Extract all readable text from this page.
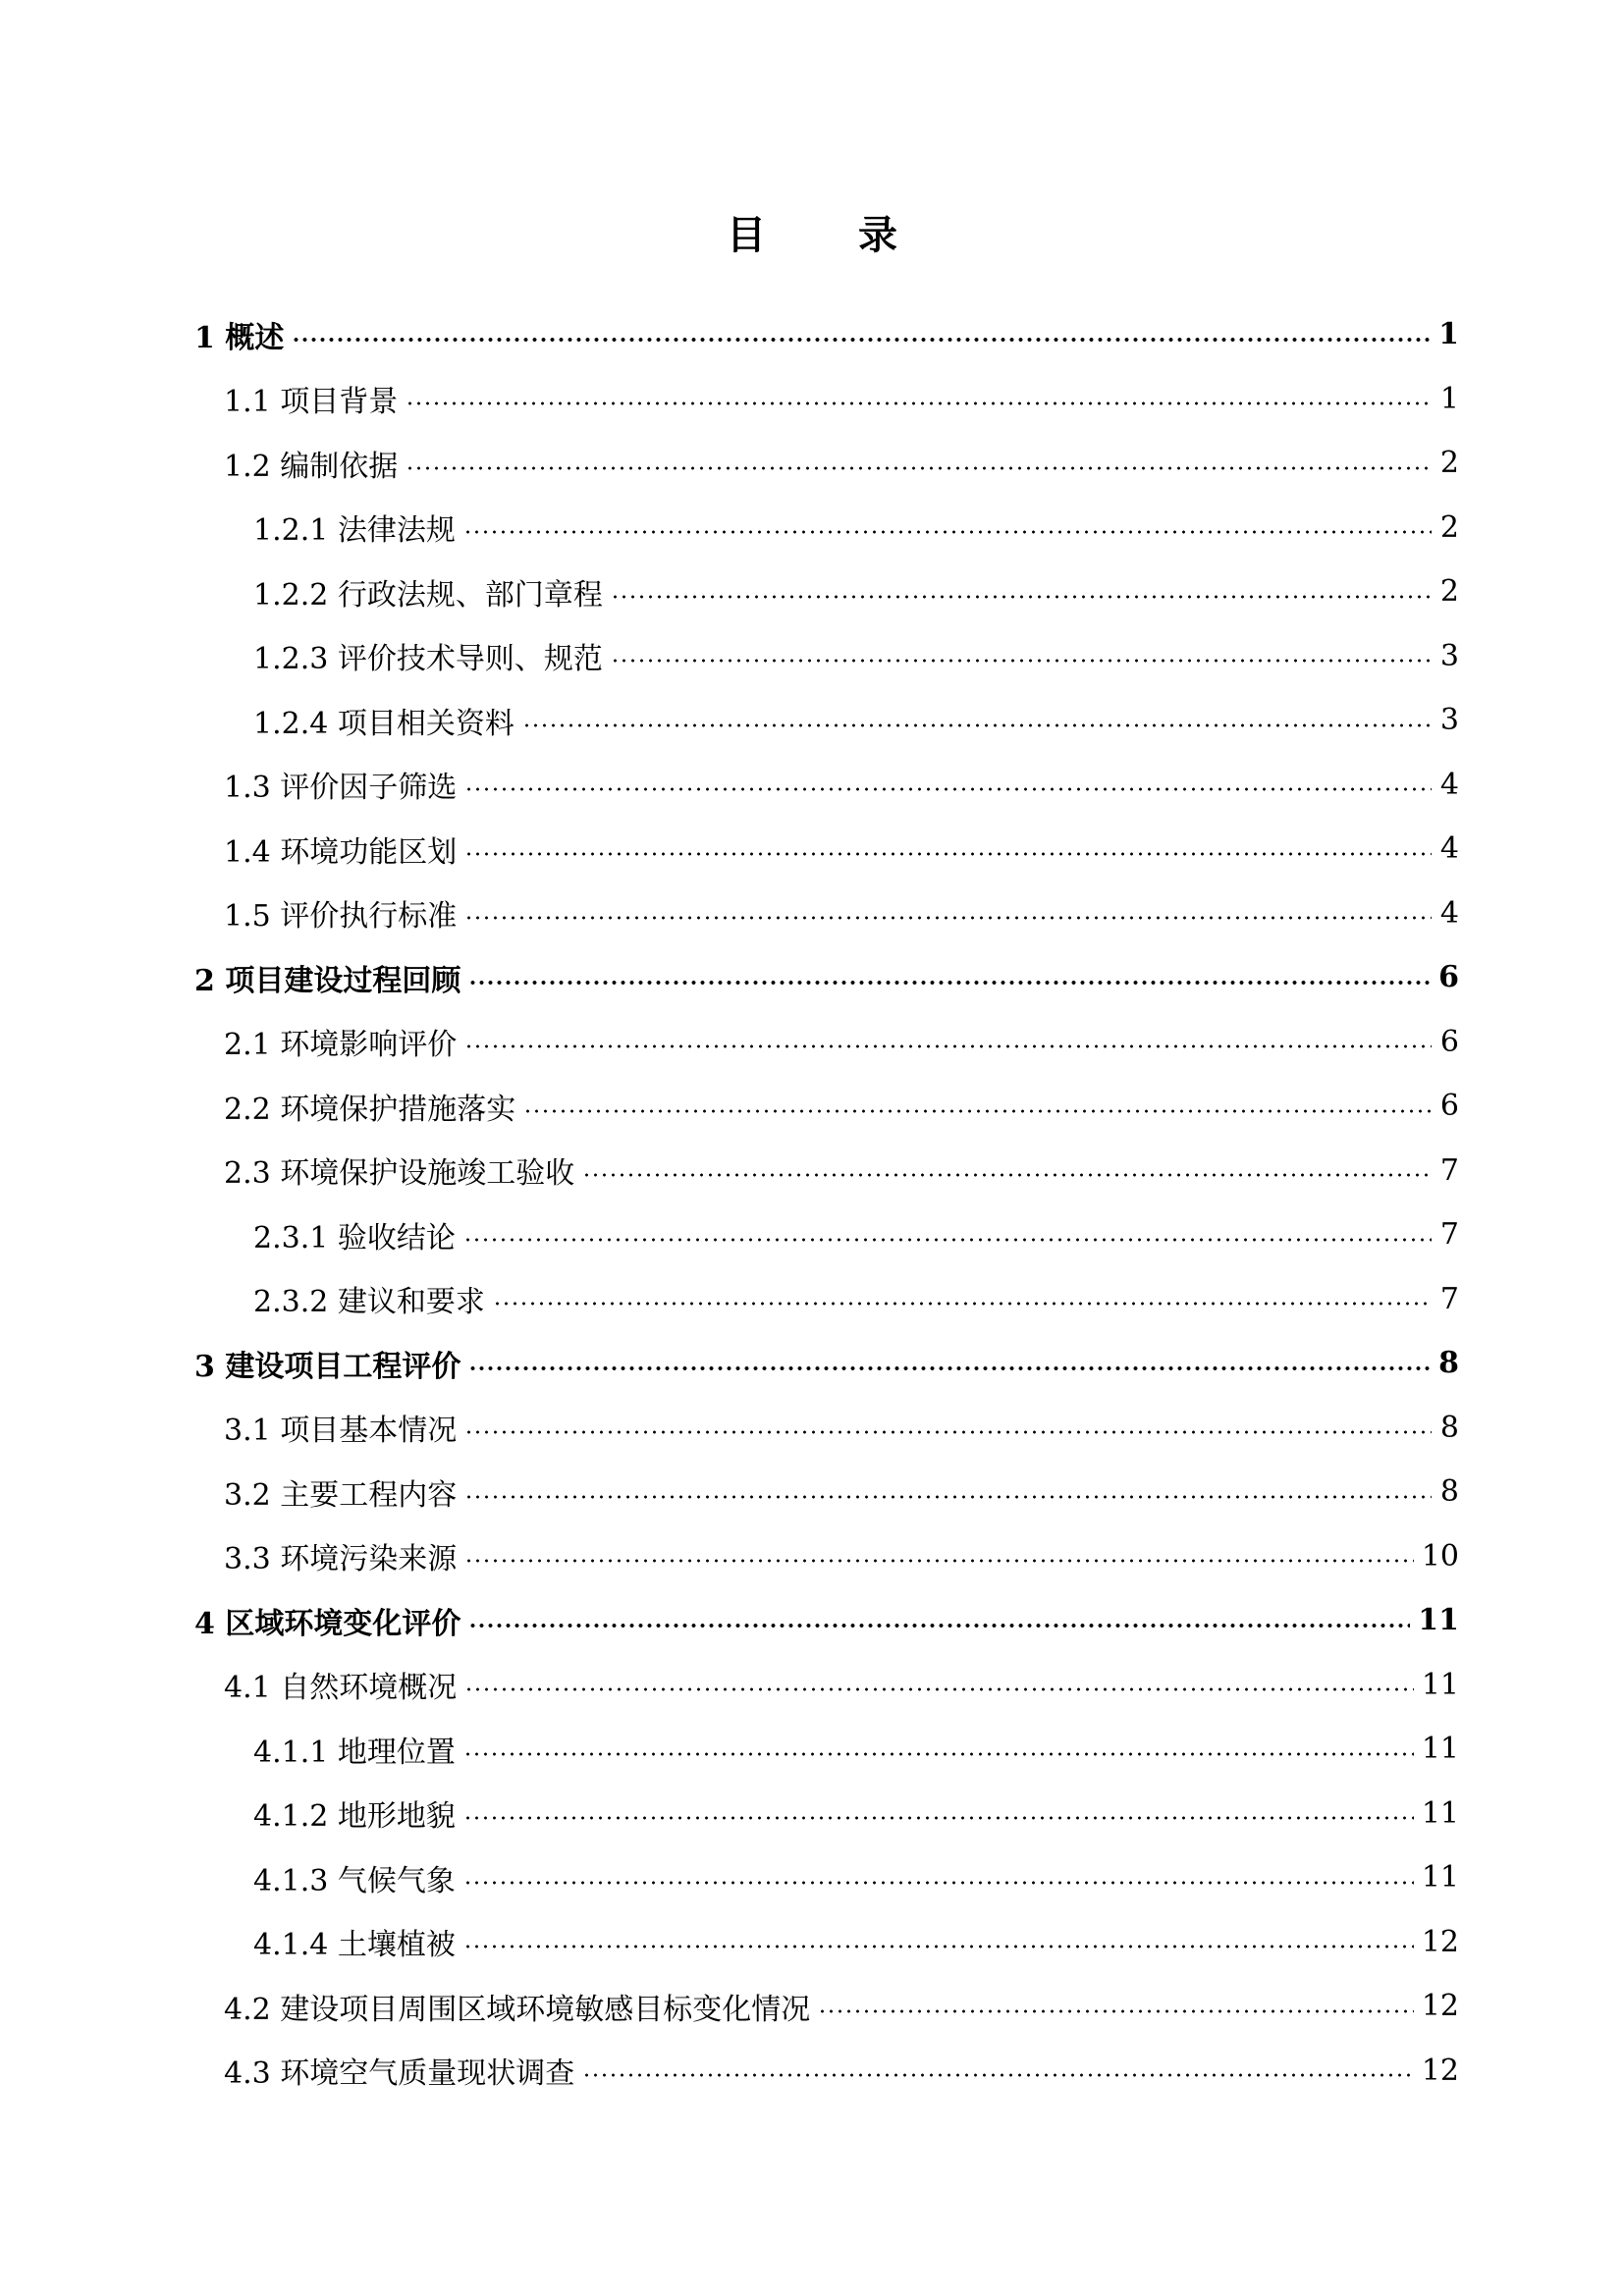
目 录
1 概述	1
1.1 项目背景	1
1.2 编制依据	2
1.2.1 法律法规	2
1.2.2 行政法规、部门章程	2
1.2.3 评价技术导则、规范	3
1.2.4 项目相关资料	3
1.3 评价因子筛选	4
1.4 环境功能区划	4
1.5 评价执行标准	4
2 项目建设过程回顾	6
2.1 环境影响评价	6
2.2 环境保护措施落实	6
2.3 环境保护设施竣工验收	7
2.3.1 验收结论	7
2.3.2 建议和要求	7
3 建设项目工程评价	8
3.1 项目基本情况	8
3.2 主要工程内容	8
3.3 环境污染来源	10
4 区域环境变化评价	11
4.1 自然环境概况	11
4.1.1 地理位置	11
4.1.2 地形地貌	11
4.1.3 气候气象	11
4.1.4 土壤植被	12
4.2 建设项目周围区域环境敏感目标变化情况	12
4.3 环境空气质量现状调查	12
